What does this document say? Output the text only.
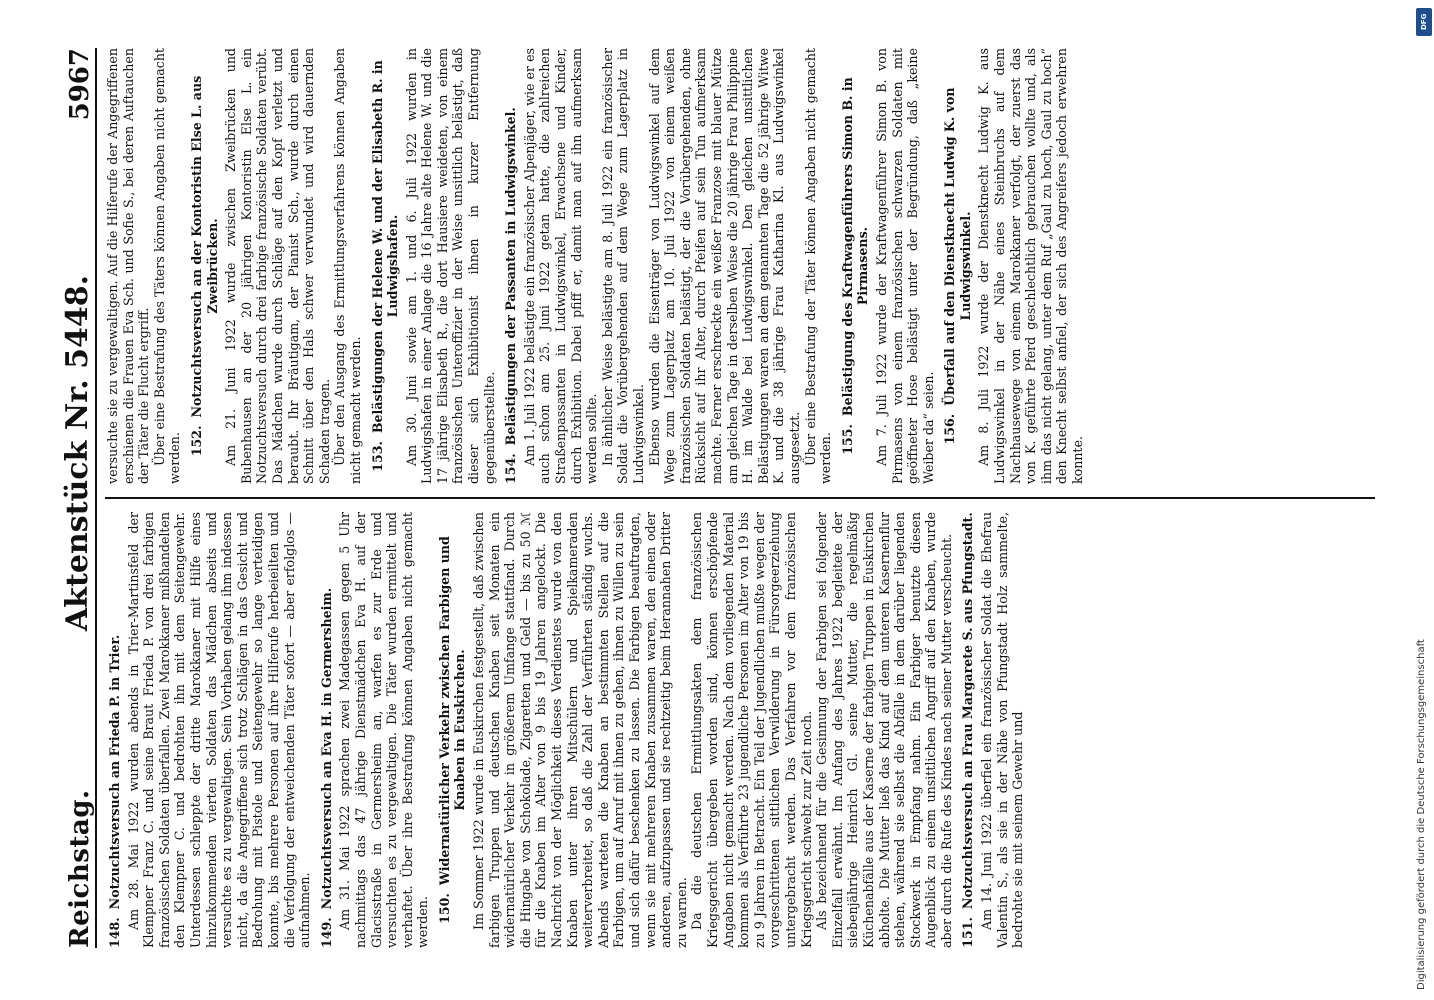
Reichstag.
Aktenstück Nr. 5448.
5967
148.Notzuchtsversuch an Frieda P. in Trier. Am 28. Mai 1922 wurden abends in Trier-Martinsfeld der Klempner Franz C. und seine Braut Frieda P. von drei farbigen französischen Soldaten überfallen. Zwei Marokkaner mißhandelten den Klempner C. und bedrohten ihn mit dem Seitengewehr. Unterdessen schleppte der dritte Marokkaner mit Hilfe eines hinzukommenden vierten Soldaten das Mädchen abseits und versuchte es zu vergewaltigen. Sein Vorhaben gelang ihm indessen nicht, da die Angegriffene sich trotz Schlägen in das Gesicht und Bedrohung mit Pistole und Seitengewehr so lange verteidigen konnte, bis mehrere Personen auf ihre Hilferufe herbeieilten und die Verfolgung der entweichenden Täter sofort — aber erfolglos — aufnahmen. 149.Notzuchtsversuch an Eva H. in Germersheim. Am 31. Mai 1922 sprachen zwei Madegassen gegen 5 Uhr nachmittags das 47 jährige Dienstmädchen Eva H. auf der Glacisstraße in Germersheim an, warfen es zur Erde und versuchten es zu vergewaltigen. Die Täter wurden ermittelt und verhaftet. Über ihre Bestrafung können Angaben nicht gemacht werden. 150.Widernatürlicher Verkehr zwischen Farbigen und Knaben in Euskirchen. Im Sommer 1922 wurde in Euskirchen festgestellt, daß zwischen farbigen Truppen und deutschen Knaben seit Monaten ein widernatürlicher Verkehr in größerem Umfange stattfand. Durch die Hingabe von Schokolade, Zigaretten und Geld — bis zu 50 ℳ für die Knaben im Alter von 9 bis 19 Jahren angelockt. Die Nachricht von der Möglichkeit dieses Verdienstes wurde von den Knaben unter ihren Mitschülern und Spielkameraden weiterverbreitet, so daß die Zahl der Verführten ständig wuchs. Abends warteten die Knaben an bestimmten Stellen auf die Farbigen, um auf Anruf mit ihnen zu gehen, ihnen zu Willen zu sein und sich dafür beschenken zu lassen. Die Farbigen beauftragten, wenn sie mit mehreren Knaben zusammen waren, den einen oder anderen, aufzupassen und sie rechtzeitig beim Herannahen Dritter zu warnen. Da die deutschen Ermittlungsakten dem französischen Kriegsgericht übergeben worden sind, können erschöpfende Angaben nicht gemacht werden. Nach dem vorliegenden Material kommen als Verführte 23 jugendliche Personen im Alter von 19 bis zu 9 Jahren in Betracht. Ein Teil der Jugendlichen mußte wegen der vorgeschrittenen sittlichen Verwilderung in Fürsorgeerziehung untergebracht werden. Das Verfahren vor dem französischen Kriegsgericht schwebt zur Zeit noch. Als bezeichnend für die Gesinnung der Farbigen sei folgender Einzelfall erwähnt. Im Anfang des Jahres 1922 begleitete der siebenjährige Heinrich Gl. seine Mutter, die regelmäßig Küchenabfälle aus der Kaserne der farbigen Truppen in Euskirchen abholte. Die Mutter ließ das Kind auf dem unteren Kasernenflur stehen, während sie selbst die Abfälle in dem darüber liegenden Stockwerk in Empfang nahm. Ein Farbiger benutzte diesen Augenblick zu einem unsittlichen Angriff auf den Knaben, wurde aber durch die Rufe des Kindes nach seiner Mutter verscheucht. 151.Notzuchtsversuch an Frau Margarete S. aus Pfungstadt. Am 14. Juni 1922 überfiel ein französischer Soldat die Ehefrau Valentin S., als sie in der Nähe von Pfungstadt Holz sammelte, bedrohte sie mit seinem Gewehr und

versuchte sie zu vergewaltigen. Auf die Hilferufe der Angegriffenen erschienen die Frauen Eva Sch. und Sofie S., bei deren Auftauchen der Täter die Flucht ergriff. Über eine Bestrafung des Täters können Angaben nicht gemacht werden. 152.Notzuchtsversuch an der Kontoristin Else L. aus Zweibrücken. Am 21. Juni 1922 wurde zwischen Zweibrücken und Bubenhausen an der 20 jährigen Kontoristin Else L. ein Notzuchtsversuch durch drei farbige französische Soldaten verübt. Das Mädchen wurde durch Schläge auf den Kopf verletzt und beraubt. Ihr Bräutigam, der Pianist Sch., wurde durch einen Schnitt über den Hals schwer verwundet und wird dauernden Schaden tragen. Über den Ausgang des Ermittlungsverfahrens können Angaben nicht gemacht werden. 153.Belästigungen der Helene W. und der Elisabeth R. in Ludwigshafen. Am 30. Juni sowie am 1. und 6. Juli 1922 wurden in Ludwigshafen in einer Anlage die 16 Jahre alte Helene W. und die 17 jährige Elisabeth R., die dort Hausiere weideten, von einem französischen Unteroffizier in der Weise unsittlich belästigt, daß dieser sich Exhibitionist ihnen in kurzer Entfernung gegenüberstellte. 154.Belästigungen der Passanten in Ludwigswinkel. Am 1. Juli 1922 belästigte ein französischer Alpenjäger, wie er es auch schon am 25. Juni 1922 getan hatte, die zahlreichen Straßenpassanten in Ludwigswinkel, Erwachsene und Kinder, durch Exhibition. Dabei pfiff er, damit man auf ihn aufmerksam werden sollte. In ähnlicher Weise belästigte am 8. Juli 1922 ein französischer Soldat die Vorübergehenden auf dem Wege zum Lagerplatz in Ludwigswinkel. Ebenso wurden die Eisenträger von Ludwigswinkel auf dem Wege zum Lagerplatz am 10. Juli 1922 von einem weißen französischen Soldaten belästigt, der die Vorübergehenden, ohne Rücksicht auf ihr Alter, durch Pfeifen auf sein Tun aufmerksam machte. Ferner erschreckte ein weißer Franzose mit blauer Mütze am gleichen Tage in derselben Weise die 20 jährige Frau Philippine H. im Walde bei Ludwigswinkel. Den gleichen unsittlichen Belästigungen waren an dem genannten Tage die 52 jährige Witwe K. und die 38 jährige Frau Katharina Kl. aus Ludwigswinkel ausgesetzt. Über eine Bestrafung der Täter können Angaben nicht gemacht werden. 155.Belästigung des Kraftwagenführers Simon B. in Pirmasens. Am 7. Juli 1922 wurde der Kraftwagenführer Simon B. von Pirmasens von einem französischen schwarzen Soldaten mit geöffneter Hose belästigt unter der Begründung, daß „keine Weiber da“ seien. 156.Überfall auf den Dienstknecht Ludwig K. von Ludwigswinkel. Am 8. Juli 1922 wurde der Dienstknecht Ludwig K. aus Ludwigswinkel in der Nähe eines Steinbruchs auf dem Nachhausewege von einem Marokkaner verfolgt, der zuerst das von K. geführte Pferd geschlechtlich gebrauchen wollte und, als ihm das nicht gelang, unter dem Ruf „Gaul zu hoch, Gaul zu hoch“ den Knecht selbst anfiel, der sich des Angreifers jedoch erwehren konnte.

DFG
Digitalisierung gefördert durch die Deutsche Forschungsgemeinschaft
